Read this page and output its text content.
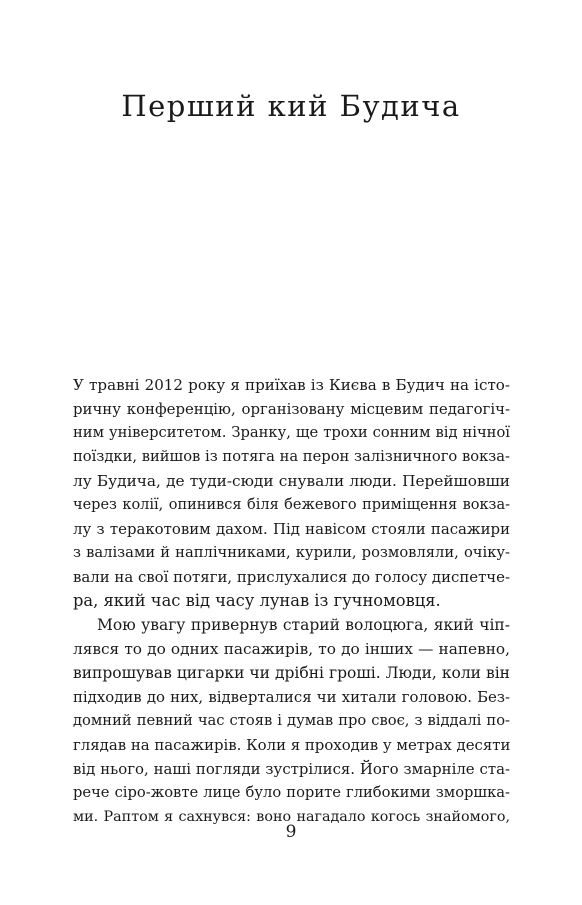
Перший кий Будича
У травні 2012 року я приїхав із Києва в Будич на істо-
ричну конференцію, організовану місцевим педагогіч-
ним університетом. Зранку, ще трохи сонним від нічної
поїздки, вийшов із потяга на перон залізничного вокза-
лу Будича, де туди-сюди снували люди. Перейшовши
через колії, опинився біля бежевого приміщення вокза-
лу з теракотовим дахом. Під навісом стояли пасажири
з валізами й наплічниками, курили, розмовляли, очіку-
вали на свої потяги, прислухалися до голосу диспетче-
ра, який час від часу лунав із гучномовця.
Мою увагу привернув старий волоцюга, який чіп-
лявся то до одних пасажирів, то до інших — напевно,
випрошував цигарки чи дрібні гроші. Люди, коли він
підходив до них, відверталися чи хитали головою. Без-
домний певний час стояв і думав про своє, з віддалі по-
глядав на пасажирів. Коли я проходив у метрах десяти
від нього, наші погляди зустрілися. Його змарніле ста-
рече сіро-жовте лице було порите глибокими зморшка-
ми. Раптом я сахнувся: воно нагадало когось знайомого,
9
